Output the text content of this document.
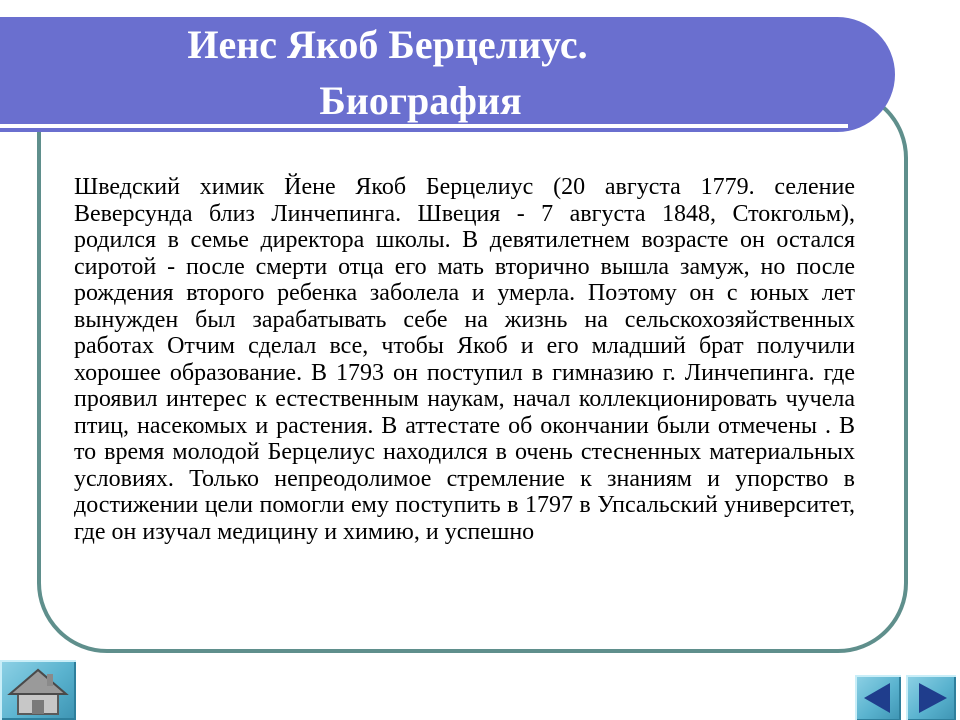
Иенс Якоб Берцелиус.
Биография
Шведский химик Йене Якоб Берцелиус (20 августа 1779. селение Веверсунда близ Линчепинга. Швеция - 7 августа 1848, Стокгольм), родился в семье директора школы. В девятилетнем возрасте он остался сиротой - после смерти отца его мать вторично вышла замуж, но после рождения второго ребенка заболела и умерла. Поэтому он с юных лет вынужден был зарабатывать себе на жизнь на сельскохозяйственных работах Отчим сделал все, чтобы Якоб и его младший брат получили хорошее образование. В 1793 он поступил в гимназию г. Линчепинга. где проявил интерес к естественным наукам, начал коллекционировать чучела птиц, насекомых и растения. В аттестате об окончании были отмечены . В то время молодой Берцелиус находился в очень стесненных материальных условиях. Только непреодолимое стремление к знаниям и упорство в достижении цели помогли ему поступить в 1797 в Упсальский университет, где он изучал медицину и химию, и успешно
